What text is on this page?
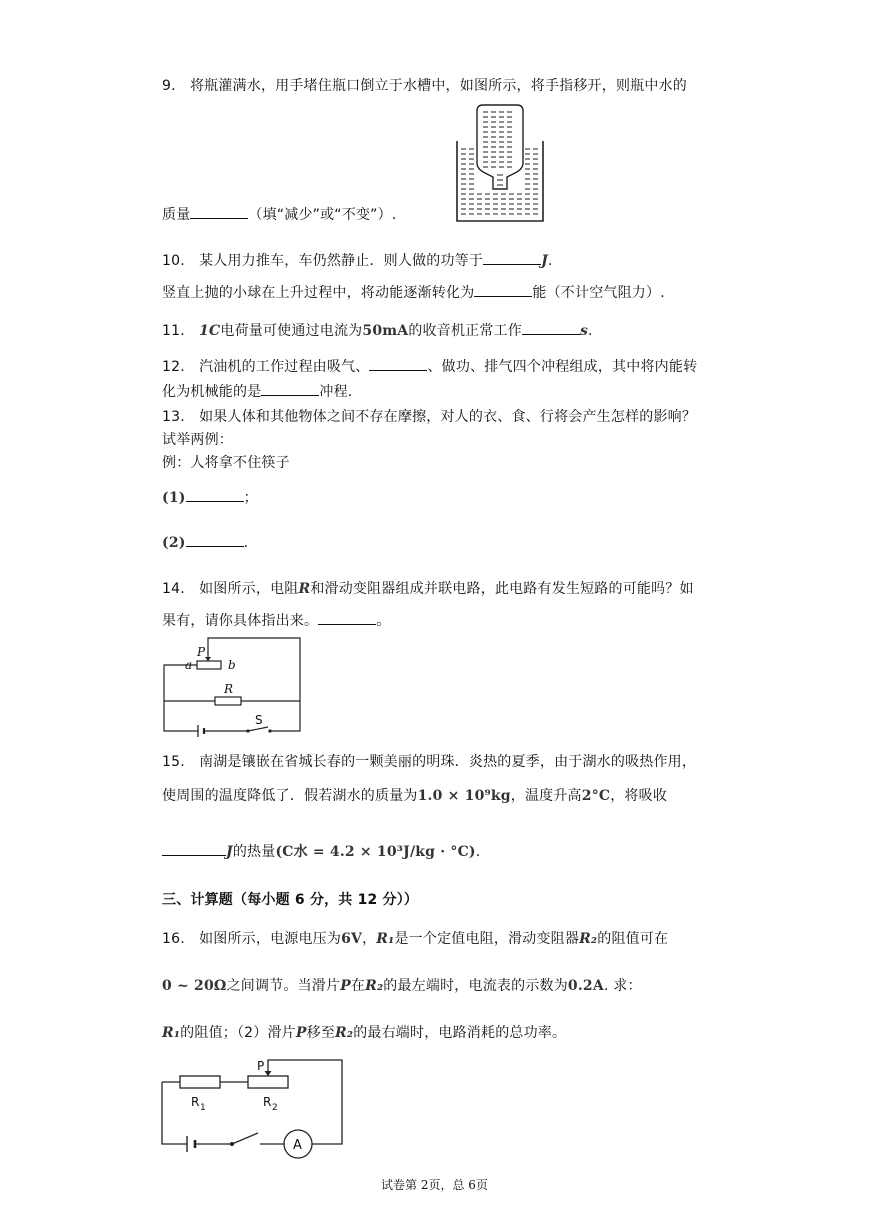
9.　将瓶灌满水，用手堵住瓶口倒立于水槽中，如图所示，将手指移开，则瓶中水的
质量	（填“减少”或“不变”）.
10.　某人用力推车，车仍然静止．则人做的功等于	J.
竖直上抛的小球在上升过程中，将动能逐渐转化为	能（不计空气阻力）.
11.　 1C电荷量可使通过电流为50mA的收音机正常工作	s.
12.　汽油机的工作过程由吸气、	、做功、排气四个冲程组成，其中将内能转
化为机械能的是	冲程.
13.　如果人体和其他物体之间不存在摩擦，对人的衣、食、行将会产生怎样的影响？
试举两例：
例：人将拿不住筷子
(1)	；
(2)	.
14.　如图所示，电阻R和滑动变阻器组成并联电路，此电路有发生短路的可能吗？如
果有，请你具体指出来。	。
P
a	b
R
S
15.　南湖是镶嵌在省城长春的一颗美丽的明珠．炎热的夏季，由于湖水的吸热作用，
使周围的温度降低了．假若湖水的质量为1.0 × 10⁹kg，温度升高2°C，将吸收
J的热量(C水 = 4.2 × 10³J/kg · °C).
三、计算题（每小题 6 分，共 12 分））
16.　如图所示，电源电压为6V，R₁是一个定值电阻，滑动变阻器R₂的阻值可在
0 ~ 20Ω之间调节。当滑片P在R₂的最左端时，电流表的示数为0.2A. 求：
R₁的阻值；（2）滑片P移至R₂的最右端时，电路消耗的总功率。
P
R 1	R 2
A
试卷第 2页，总 6页
